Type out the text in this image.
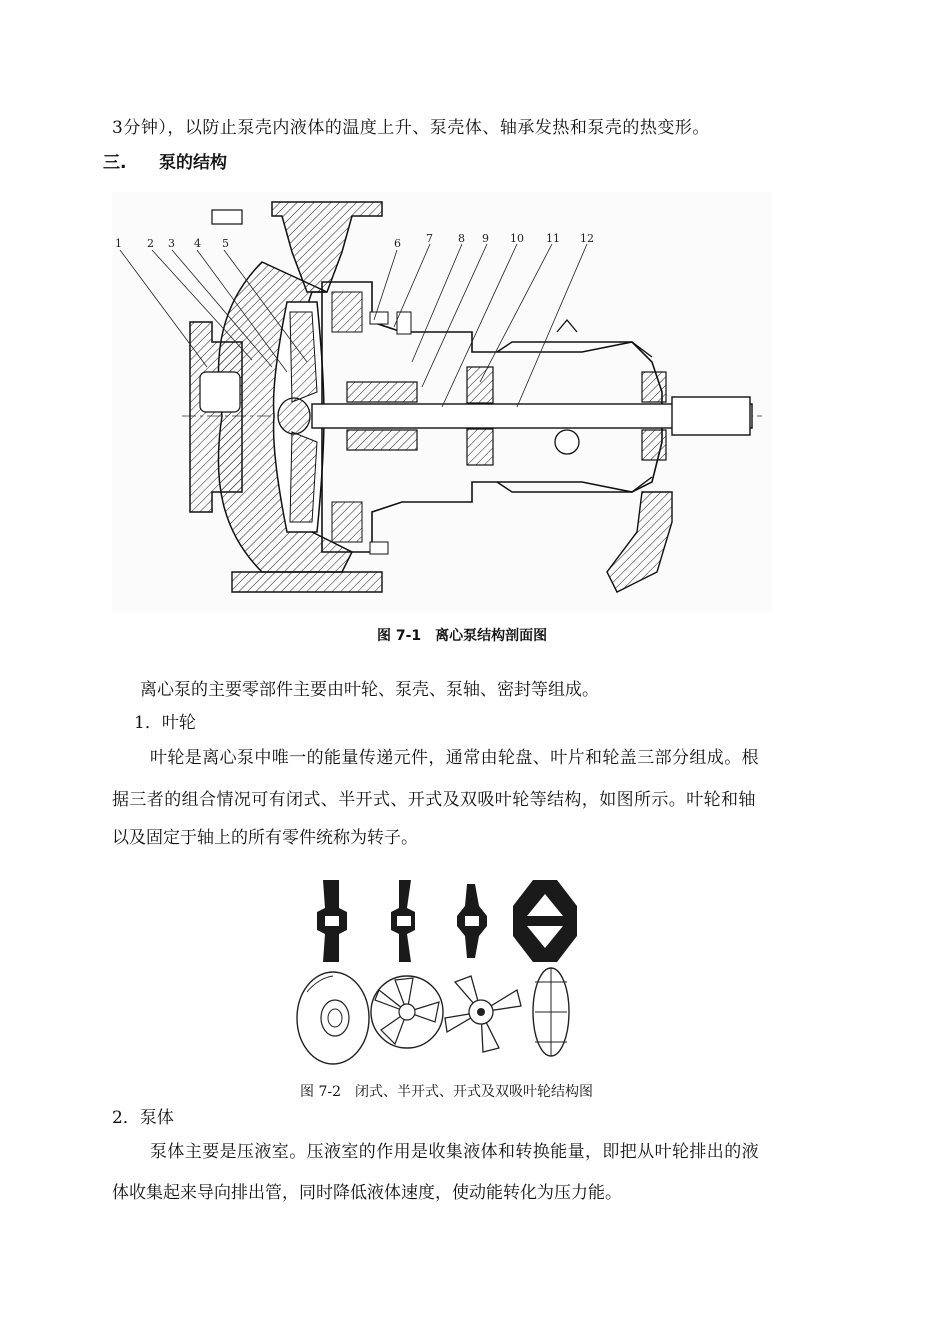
3分钟），以防止泵壳内液体的温度上升、泵壳体、轴承发热和泵壳的热变形。
三. 泵的结构
1 2 3 4 5	6 7 8 9 10 11 12
图 7-1　离心泵结构剖面图
离心泵的主要零部件主要由叶轮、泵壳、泵轴、密封等组成。
1．叶轮
叶轮是离心泵中唯一的能量传递元件，通常由轮盘、叶片和轮盖三部分组成。根
据三者的组合情况可有闭式、半开式、开式及双吸叶轮等结构，如图所示。叶轮和轴
以及固定于轴上的所有零件统称为转子。
图 7-2　闭式、半开式、开式及双吸叶轮结构图
2．泵体
泵体主要是压液室。压液室的作用是收集液体和转换能量，即把从叶轮排出的液
体收集起来导向排出管，同时降低液体速度，使动能转化为压力能。
